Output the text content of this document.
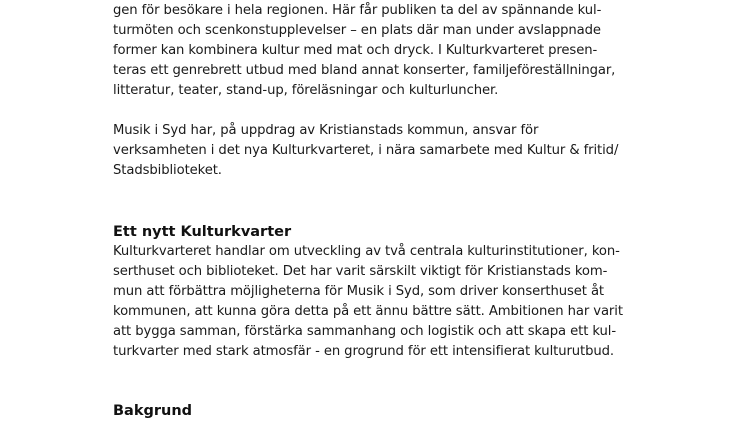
gen för besökare i hela regionen. Här får publiken ta del av spännande kul-
turmöten och scenkonstupplevelser – en plats där man under avslappnade
former kan kombinera kultur med mat och dryck. I Kulturkvarteret presen-
teras ett genrebrett utbud med bland annat konserter, familjeföreställningar,
litteratur, teater, stand-up, föreläsningar och kulturluncher.
Musik i Syd har, på uppdrag av Kristianstads kommun, ansvar för
verksamheten i det nya Kulturkvarteret, i nära samarbete med Kultur & fritid/
Stadsbiblioteket.
Ett nytt Kulturkvarter
Kulturkvarteret handlar om utveckling av två centrala kulturinstitutioner, kon-
serthuset och biblioteket. Det har varit särskilt viktigt för Kristianstads kom-
mun att förbättra möjligheterna för Musik i Syd, som driver konserthuset åt
kommunen, att kunna göra detta på ett ännu bättre sätt. Ambitionen har varit
att bygga samman, förstärka sammanhang och logistik och att skapa ett kul-
turkvarter med stark atmosfär - en grogrund för ett intensifierat kulturutbud.
Bakgrund
